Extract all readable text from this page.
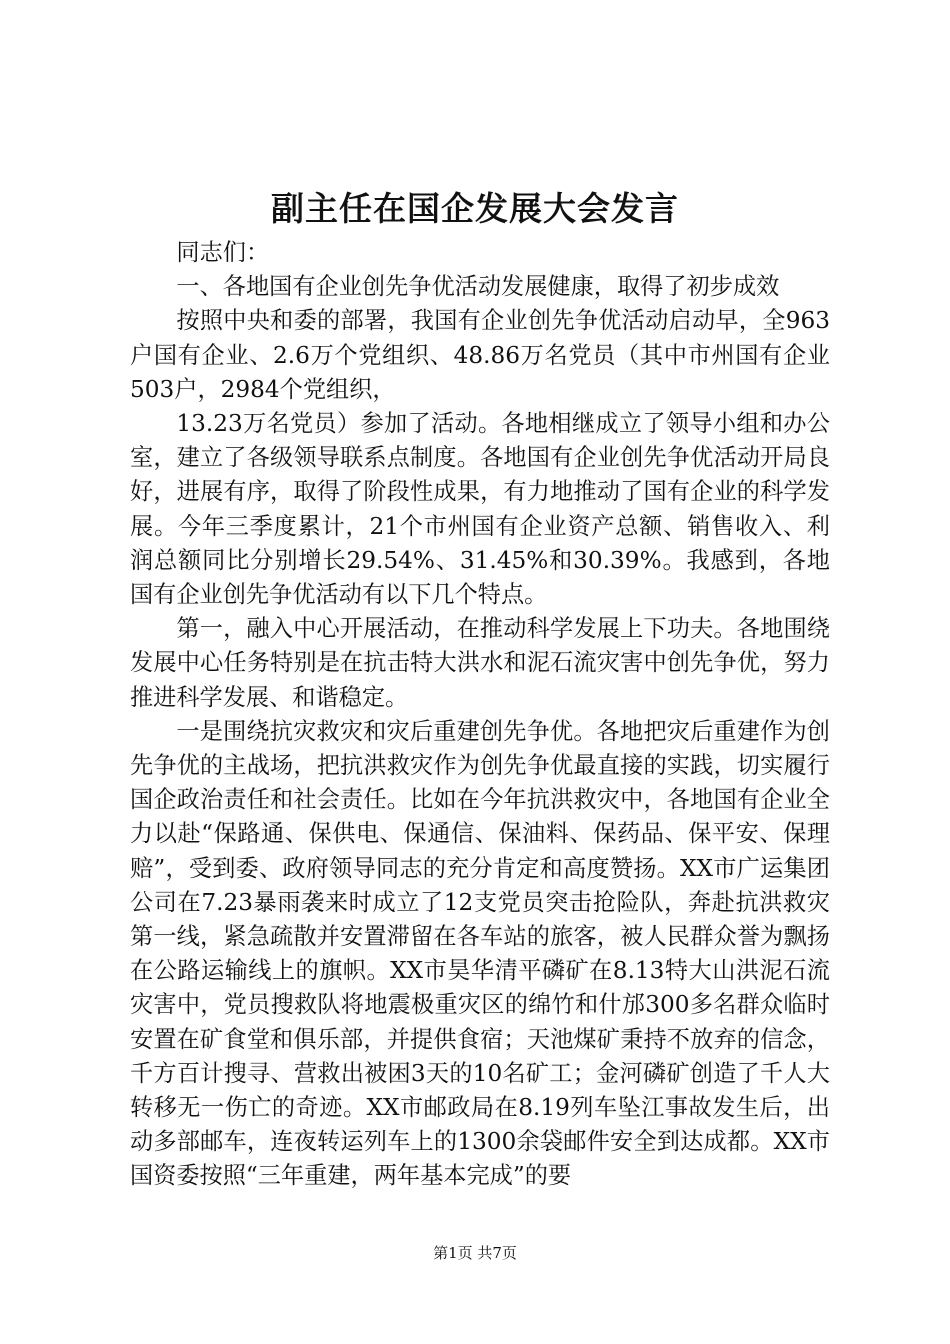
副主任在国企发展大会发言

同志们：

一、各地国有企业创先争优活动发展健康，取得了初步成效

按照中央和委的部署，我国有企业创先争优活动启动早，全963户国有企业、2.6万个党组织、48.86万名党员（其中市州国有企业503户，2984个党组织，

13.23万名党员）参加了活动。各地相继成立了领导小组和办公室，建立了各级领导联系点制度。各地国有企业创先争优活动开局良好，进展有序，取得了阶段性成果，有力地推动了国有企业的科学发展。今年三季度累计，21个市州国有企业资产总额、销售收入、利润总额同比分别增长29.54%、31.45%和30.39%。我感到，各地国有企业创先争优活动有以下几个特点。

第一，融入中心开展活动，在推动科学发展上下功夫。各地围绕发展中心任务特别是在抗击特大洪水和泥石流灾害中创先争优，努力推进科学发展、和谐稳定。

一是围绕抗灾救灾和灾后重建创先争优。各地把灾后重建作为创先争优的主战场，把抗洪救灾作为创先争优最直接的实践，切实履行国企政治责任和社会责任。比如在今年抗洪救灾中，各地国有企业全力以赴“保路通、保供电、保通信、保油料、保药品、保平安、保理赔”，受到委、政府领导同志的充分肯定和高度赞扬。XX市广运集团公司在7.23暴雨袭来时成立了12支党员突击抢险队，奔赴抗洪救灾第一线，紧急疏散并安置滞留在各车站的旅客，被人民群众誉为飘扬在公路运输线上的旗帜。XX市昊华清平磷矿在8.13特大山洪泥石流灾害中，党员搜救队将地震极重灾区的绵竹和什邡300多名群众临时安置在矿食堂和俱乐部，并提供食宿；天池煤矿秉持不放弃的信念，千方百计搜寻、营救出被困3天的10名矿工；金河磷矿创造了千人大转移无一伤亡的奇迹。XX市邮政局在8.19列车坠江事故发生后，出动多部邮车，连夜转运列车上的1300余袋邮件安全到达成都。XX市国资委按照“三年重建，两年基本完成”的要

第1页 共7页
